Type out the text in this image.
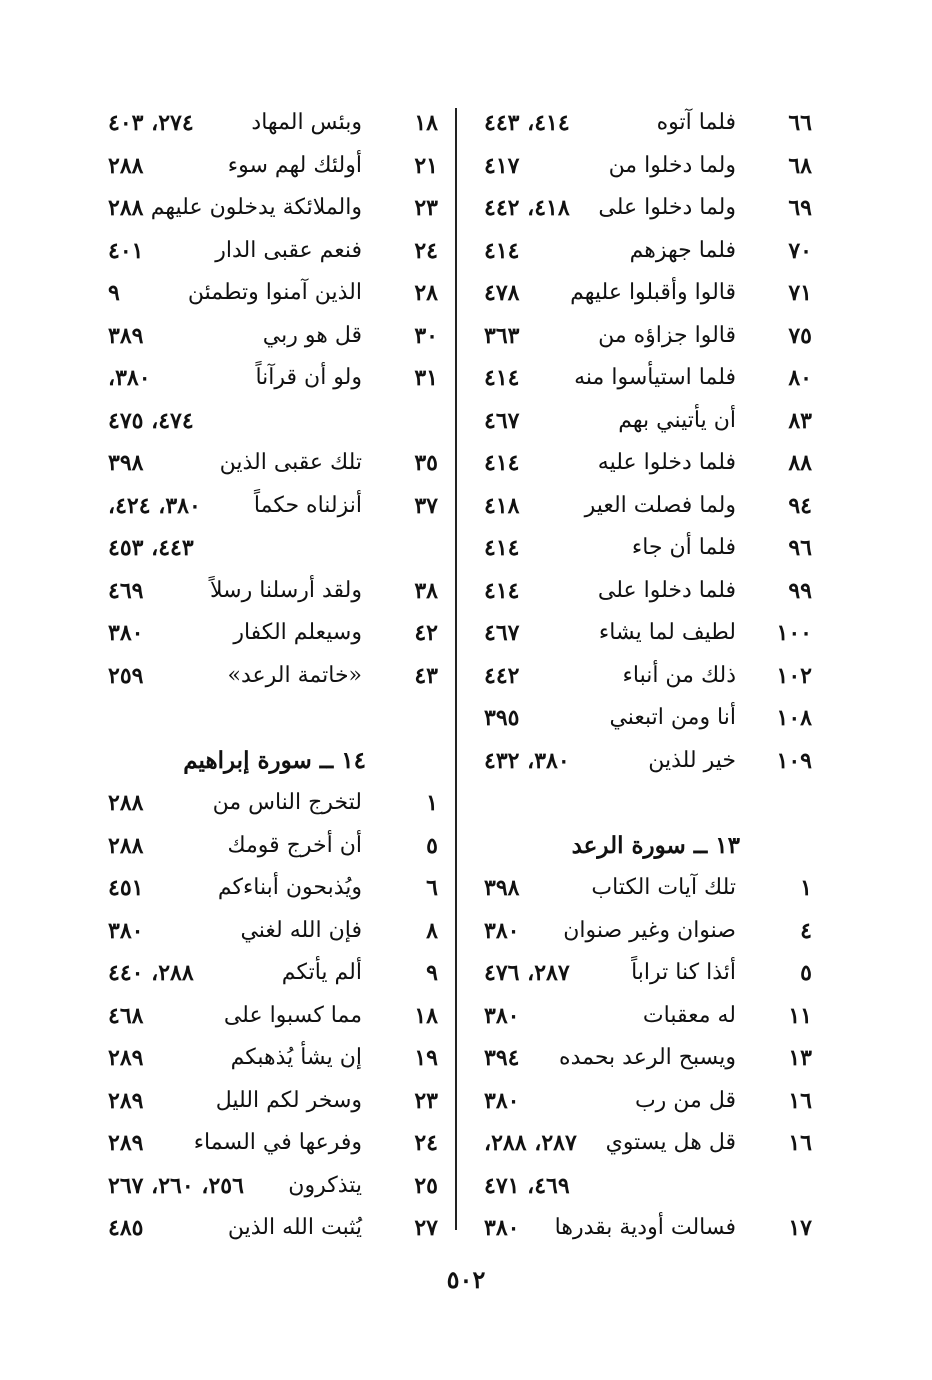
٦٦
فلما آتوه
٤١٤، ٤٤٣
٦٨
ولما دخلوا من
٤١٧
٦٩
ولما دخلوا على
٤١٨، ٤٤٢
٧٠
فلما جهزهم
٤١٤
٧١
قالوا وأقبلوا عليهم
٤٧٨
٧٥
قالوا جزاؤه من
٣٦٣
٨٠
فلما استيأسوا منه
٤١٤
٨٣
أن يأتيني بهم
٤٦٧
٨٨
فلما دخلوا عليه
٤١٤
٩٤
ولما فصلت العير
٤١٨
٩٦
فلما أن جاء
٤١٤
٩٩
فلما دخلوا على
٤١٤
١٠٠
لطيف لما يشاء
٤٦٧
١٠٢
ذلك من أنباء
٤٤٢
١٠٨
أنا ومن اتبعني
٣٩٥
١٠٩
خير للذين
٣٨٠، ٤٣٢
١٣ ــ سورة الرعد
١
تلك آيات الكتاب
٣٩٨
٤
صنوان وغير صنوان
٣٨٠
٥
أئذا كنا تراباً
٢٨٧، ٤٧٦
١١
له معقبات
٣٨٠
١٣
ويسبح الرعد بحمده
٣٩٤
١٦
قل من رب
٣٨٠
١٦
قل هل يستوي
٢٨٧، ٢٨٨،
٤٦٩، ٤٧١
١٧
فسالت أودية بقدرها
٣٨٠
١٨
وبئس المهاد
٢٧٤، ٤٠٣
٢١
أولئك لهم سوء
٢٨٨
٢٣
والملائكة يدخلون عليهم
٢٨٨
٢٤
فنعم عقبى الدار
٤٠١
٢٨
الذين آمنوا وتطمئن
٩
٣٠
قل هو ربي
٣٨٩
٣١
ولو أن قرآناً
٣٨٠،
٤٧٤، ٤٧٥
٣٥
تلك عقبى الذين
٣٩٨
٣٧
أنزلناه حكماً
٣٨٠، ٤٢٤،
٤٤٣، ٤٥٣
٣٨
ولقد أرسلنا رسلاً
٤٦٩
٤٢
وسيعلم الكفار
٣٨٠
٤٣
«خاتمة الرعد»
٢٥٩
١٤ ــ سورة إبراهيم
١
لتخرج الناس من
٢٨٨
٥
أن أخرج قومك
٢٨٨
٦
ويُذبحون أبناءكم
٤٥١
٨
فإن الله لغني
٣٨٠
٩
ألم يأتكم
٢٨٨، ٤٤٠
١٨
مما كسبوا على
٤٦٨
١٩
إن يشأ يُذهبكم
٢٨٩
٢٣
وسخر لكم الليل
٢٨٩
٢٤
وفرعها في السماء
٢٨٩
٢٥
يتذكرون
٢٥٦، ٢٦٠، ٢٦٧
٢٧
يُثبت الله الذين
٤٨٥
٥٠٢
